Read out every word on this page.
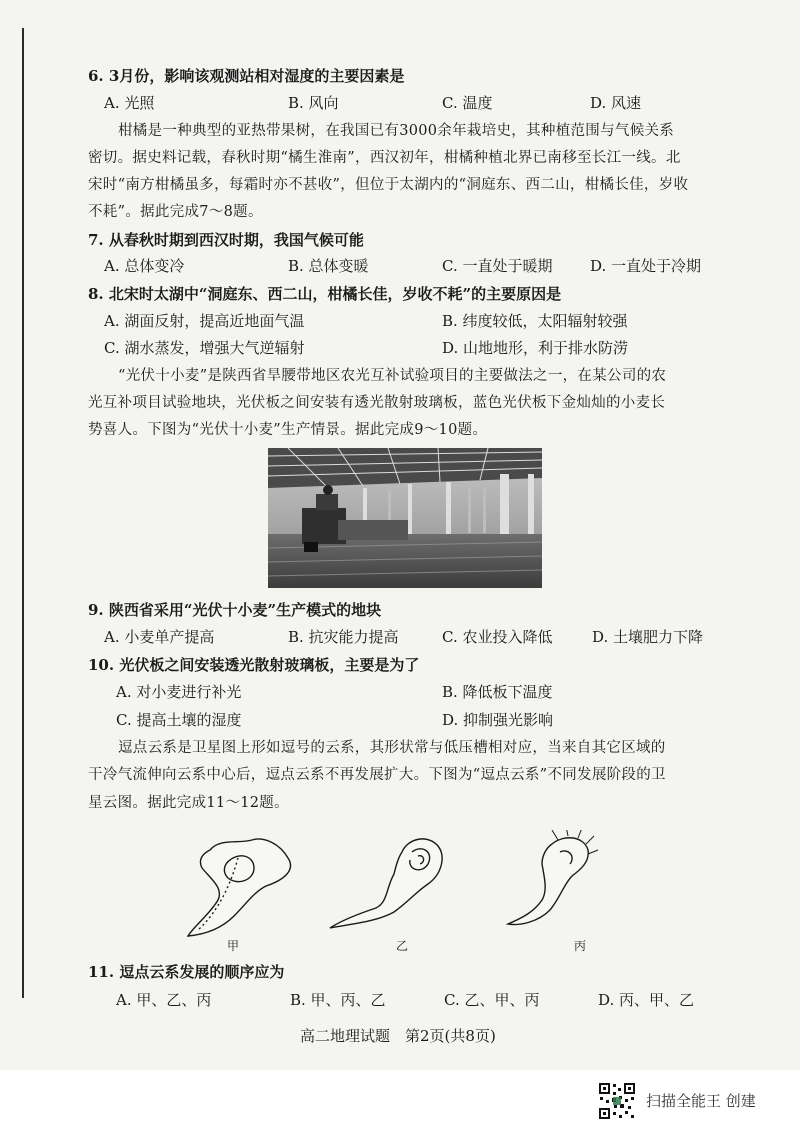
6. 3月份，影响该观测站相对湿度的主要因素是
A. 光照	B. 风向	C. 温度	D. 风速
柑橘是一种典型的亚热带果树，在我国已有3000余年栽培史，其种植范围与气候关系
密切。据史料记载，春秋时期“橘生淮南”，西汉初年，柑橘种植北界已南移至长江一线。北
宋时“南方柑橘虽多，每霜时亦不甚收”，但位于太湖内的“洞庭东、西二山，柑橘长佳，岁收
不耗”。据此完成7～8题。
7. 从春秋时期到西汉时期，我国气候可能
A. 总体变冷	B. 总体变暖	C. 一直处于暖期	D. 一直处于冷期
8. 北宋时太湖中“洞庭东、西二山，柑橘长佳，岁收不耗”的主要原因是
A. 湖面反射，提高近地面气温	B. 纬度较低，太阳辐射较强
C. 湖水蒸发，增强大气逆辐射	D. 山地地形，利于排水防涝
“光伏十小麦”是陕西省旱腰带地区农光互补试验项目的主要做法之一，在某公司的农
光互补项目试验地块，光伏板之间安装有透光散射玻璃板，蓝色光伏板下金灿灿的小麦长
势喜人。下图为“光伏十小麦”生产情景。据此完成9～10题。
9. 陕西省采用“光伏十小麦”生产模式的地块
A. 小麦单产提高	B. 抗灾能力提高	C. 农业投入降低	D. 土壤肥力下降
10. 光伏板之间安装透光散射玻璃板，主要是为了
A. 对小麦进行补光	B. 降低板下温度
C. 提高土壤的湿度	D. 抑制强光影响
逗点云系是卫星图上形如逗号的云系，其形状常与低压槽相对应，当来自其它区域的
干冷气流伸向云系中心后，逗点云系不再发展扩大。下图为“逗点云系”不同发展阶段的卫
星云图。据此完成11～12题。
甲	乙	丙
11. 逗点云系发展的顺序应为
A. 甲、乙、丙	B. 甲、丙、乙	C. 乙、甲、丙	D. 丙、甲、乙
高二地理试题　第2页(共8页)
扫描全能王 创建
